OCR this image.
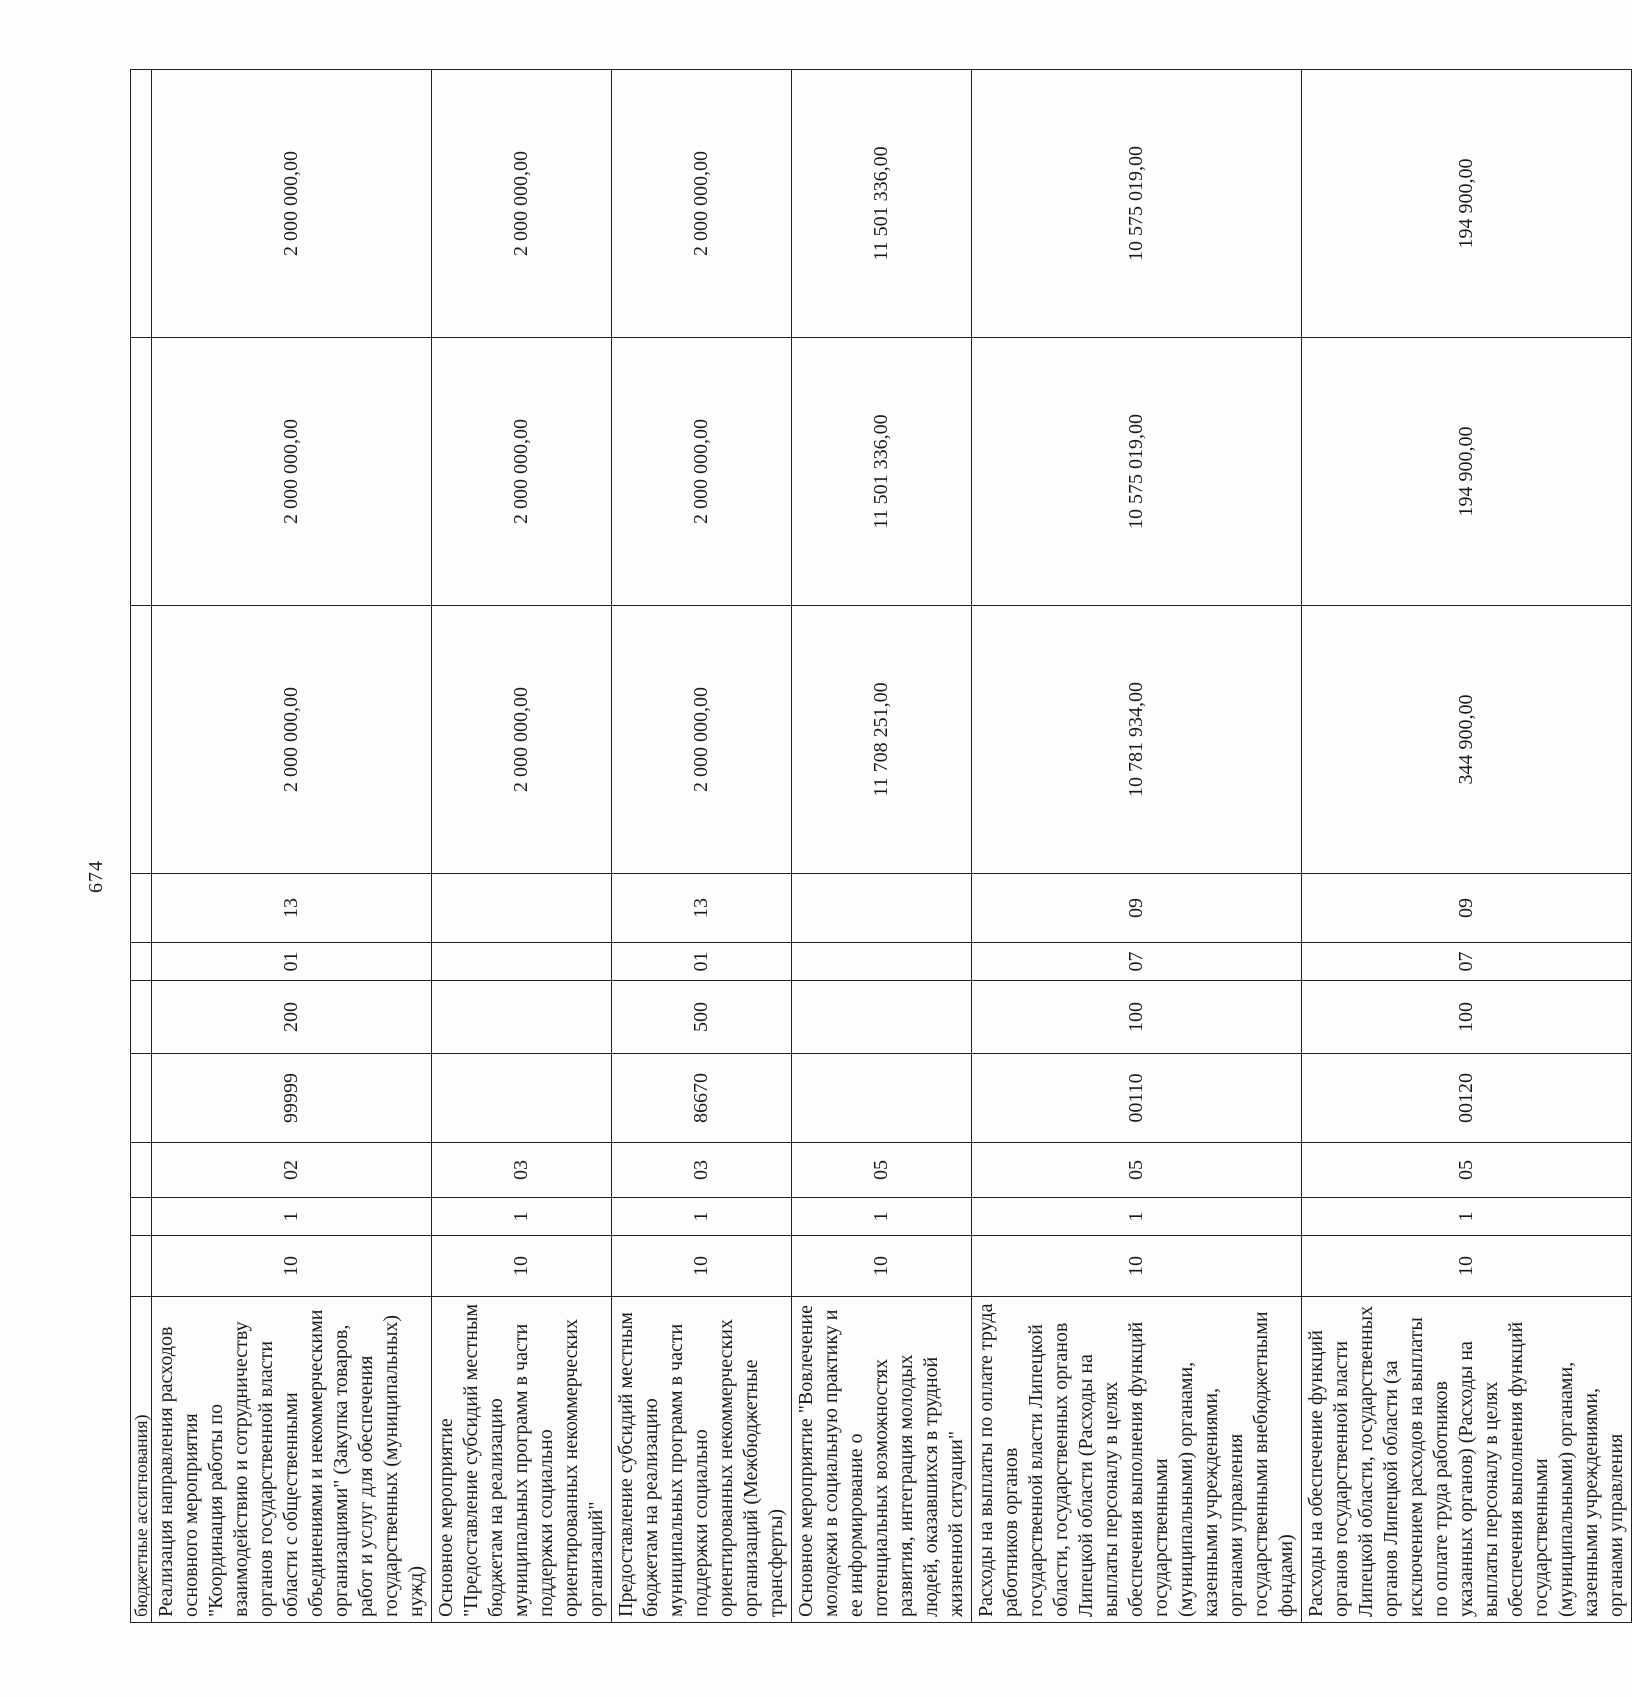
674
бюджетные ассигнования)										
Реализация направления расходов основного мероприятия "Координация работы по взаимодействию и сотрудничеству органов государственной власти области с общественными объединениями и некоммерческими организациями" (Закупка товаров, работ и услуг для обеспечения государственных (муниципальных) нужд)	10	1	02	99999	200	01	13	2 000 000,00	2 000 000,00	2 000 000,00
Основное мероприятие "Предоставление субсидий местным бюджетам на реализацию муниципальных программ в части поддержки социально ориентированных некоммерческих организаций"	10	1	03					2 000 000,00	2 000 000,00	2 000 000,00
Предоставление субсидий местным бюджетам на реализацию муниципальных программ в части поддержки социально ориентированных некоммерческих организаций (Межбюджетные трансферты)	10	1	03	86670	500	01	13	2 000 000,00	2 000 000,00	2 000 000,00
Основное мероприятие "Вовлечение молодежи в социальную практику и ее информирование о потенциальных возможностях развития, интеграция молодых людей, оказавшихся в трудной жизненной ситуации"	10	1	05					11 708 251,00	11 501 336,00	11 501 336,00
Расходы на выплаты по оплате труда работников органов государственной власти Липецкой области, государственных органов Липецкой области (Расходы на выплаты персоналу в целях обеспечения выполнения функций государственными (муниципальными) органами, казенными учреждениями, органами управления государственными внебюджетными фондами)	10	1	05	00110	100	07	09	10 781 934,00	10 575 019,00	10 575 019,00
Расходы на обеспечение функций органов государственной власти Липецкой области, государственных органов Липецкой области (за исключением расходов на выплаты по оплате труда работников указанных органов) (Расходы на выплаты персоналу в целях обеспечения выполнения функций государственными (муниципальными) органами, казенными учреждениями, органами управления	10	1	05	00120	100	07	09	344 900,00	194 900,00	194 900,00
